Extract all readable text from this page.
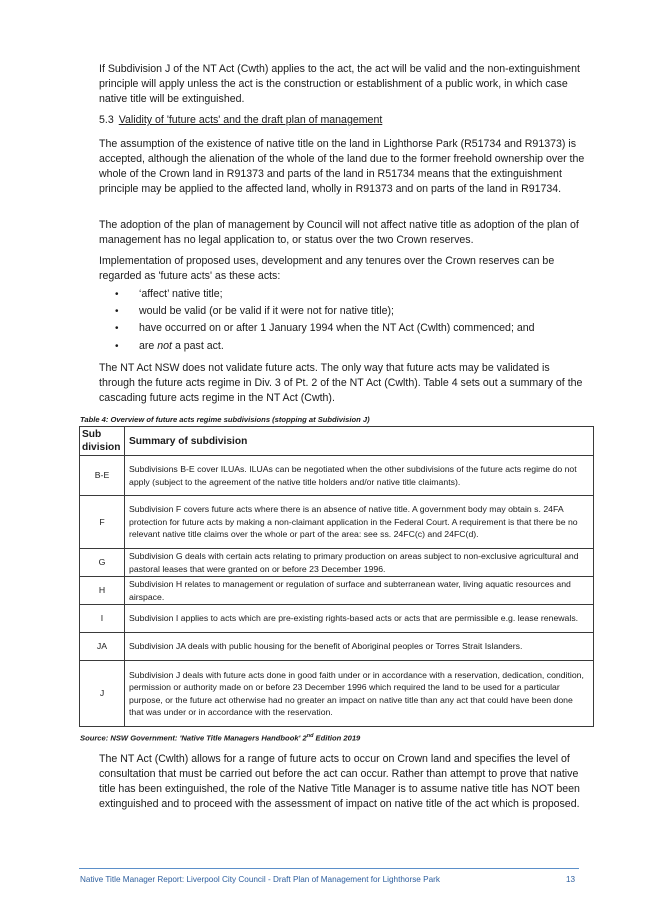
If Subdivision J of the NT Act (Cwth) applies to the act, the act will be valid and the non-extinguishment principle will apply unless the act is the construction or establishment of a public work, in which case native title will be extinguished.

5.3 Validity of 'future acts' and the draft plan of management

The assumption of the existence of native title on the land in Lighthorse Park (R51734 and R91373) is accepted, although the alienation of the whole of the land due to the former freehold ownership over the whole of the Crown land in R91373 and parts of the land in R51734 means that the extinguishment principle may be applied to the affected land, wholly in R91373 and on parts of the land in R91734.

The adoption of the plan of management by Council will not affect native title as adoption of the plan of management has no legal application to, or status over the two Crown reserves.

Implementation of proposed uses, development and any tenures over the Crown reserves can be regarded as 'future acts' as these acts:

• ‘affect’ native title;
• would be valid (or be valid if it were not for native title);
• have occurred on or after 1 January 1994 when the NT Act (Cwlth) commenced; and
• are not a past act.

The NT Act NSW does not validate future acts. The only way that future acts may be validated is through the future acts regime in Div. 3 of Pt. 2 of the NT Act (Cwlth). Table 4 sets out a summary of the cascading future acts regime in the NT Act (Cwth).

Table 4: Overview of future acts regime subdivisions (stopping at Subdivision J)
Sub
division	Summary of subdivision
B-E	Subdivisions B-E cover ILUAs. ILUAs can be negotiated when the other subdivisions of the future acts regime do not apply (subject to the agreement of the native title holders and/or native title claimants).
F	Subdivision F covers future acts where there is an absence of native title. A government body may obtain s. 24FA protection for future acts by making a non-claimant application in the Federal Court. A requirement is that there be no relevant native title claims over the whole or part of the area: see ss. 24FC(c) and 24FC(d).
G	Subdivision G deals with certain acts relating to primary production on areas subject to non-exclusive agricultural and pastoral leases that were granted on or before 23 December 1996.
H	Subdivision H relates to management or regulation of surface and subterranean water, living aquatic resources and airspace.
I	Subdivision I applies to acts which are pre-existing rights-based acts or acts that are permissible e.g. lease renewals.
JA	Subdivision JA deals with public housing for the benefit of Aboriginal peoples or Torres Strait Islanders.
J	Subdivision J deals with future acts done in good faith under or in accordance with a reservation, dedication, condition, permission or authority made on or before 23 December 1996 which required the land to be used for a particular purpose, or the future act otherwise had no greater an impact on native title than any act that could have been done that was under or in accordance with the reservation.
Source: NSW Government: 'Native Title Managers Handbook' 2nd Edition 2019

The NT Act (Cwlth) allows for a range of future acts to occur on Crown land and specifies the level of consultation that must be carried out before the act can occur. Rather than attempt to prove that native title has been extinguished, the role of the Native Title Manager is to assume native title has NOT been extinguished and to proceed with the assessment of impact on native title of the act which is proposed.

Native Title Manager Report: Liverpool City Council - Draft Plan of Management for Lighthorse Park	13
